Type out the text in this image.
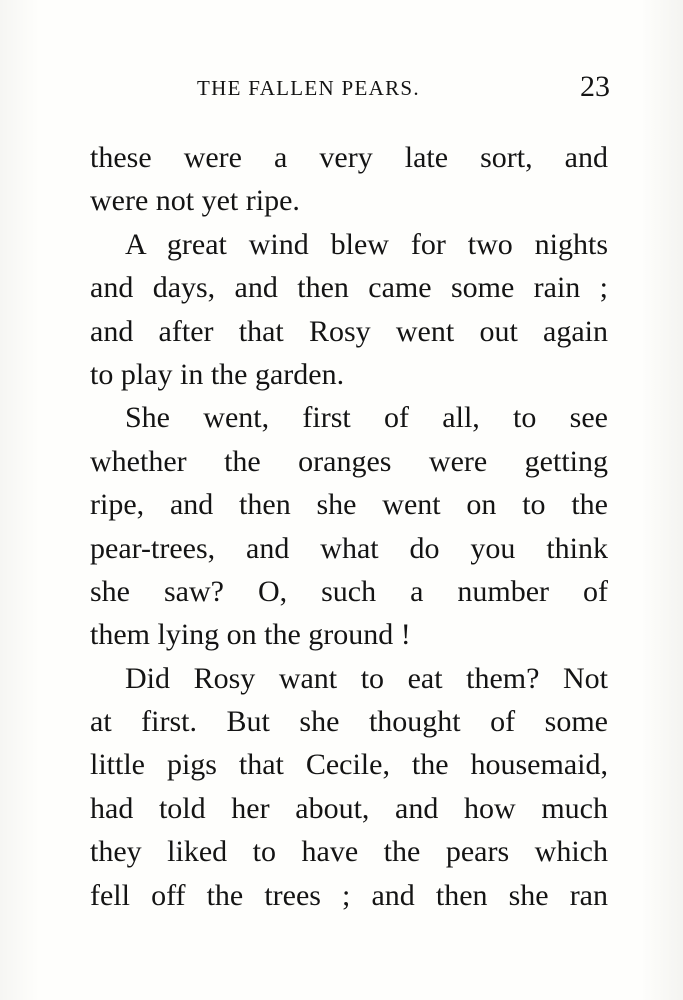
THE FALLEN PEARS.	23
these were a very late sort, and
were not yet ripe.
A great wind blew for two nights
and days, and then came some rain ;
and after that Rosy went out again
to play in the garden.
She went, first of all, to see
whether the oranges were getting
ripe, and then she went on to the
pear-trees, and what do you think
she saw? O, such a number of
them lying on the ground !
Did Rosy want to eat them? Not
at first. But she thought of some
little pigs that Cecile, the housemaid,
had told her about, and how much
they liked to have the pears which
fell off the trees ; and then she ran
